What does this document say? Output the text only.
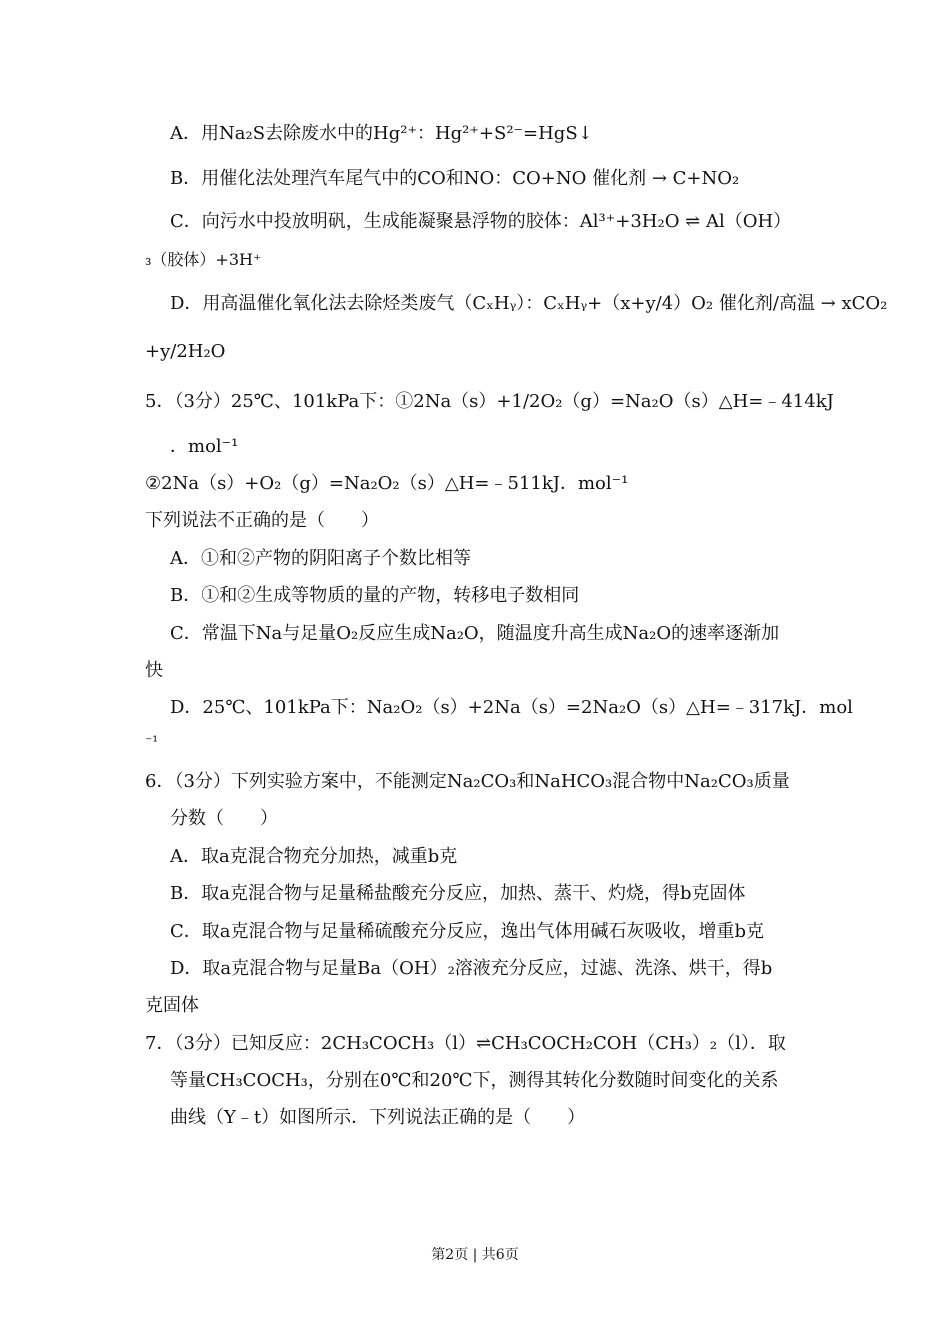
A．用Na₂S去除废水中的Hg²⁺：Hg²⁺+S²⁻=HgS↓
B．用催化法处理汽车尾气中的CO和NO：CO+NO 催化剂 → C+NO₂
C．向污水中投放明矾，生成能凝聚悬浮物的胶体：Al³⁺+3H₂O ⇌ Al（OH）
₃（胶体）+3H⁺
D．用高温催化氧化法去除烃类废气（CₓHᵧ）：CₓHᵧ+（x+y/4）O₂ 催化剂/高温 → xCO₂
+y/2H₂O
5．（3分）25℃、101kPa下：①2Na（s）+1/2O₂（g）=Na₂O（s）△H=﹣414kJ
．mol⁻¹
②2Na（s）+O₂（g）=Na₂O₂（s）△H=﹣511kJ．mol⁻¹
下列说法不正确的是（　　）
A．①和②产物的阴阳离子个数比相等
B．①和②生成等物质的量的产物，转移电子数相同
C．常温下Na与足量O₂反应生成Na₂O，随温度升高生成Na₂O的速率逐渐加
快
D．25℃、101kPa下：Na₂O₂（s）+2Na（s）=2Na₂O（s）△H=﹣317kJ．mol
⁻¹
6．（3分）下列实验方案中，不能测定Na₂CO₃和NaHCO₃混合物中Na₂CO₃质量
分数（　　）
A．取a克混合物充分加热，减重b克
B．取a克混合物与足量稀盐酸充分反应，加热、蒸干、灼烧，得b克固体
C．取a克混合物与足量稀硫酸充分反应，逸出气体用碱石灰吸收，增重b克
D．取a克混合物与足量Ba（OH）₂溶液充分反应，过滤、洗涤、烘干，得b
克固体
7．（3分）已知反应：2CH₃COCH₃（l）⇌CH₃COCH₂COH（CH₃）₂（l）．取
等量CH₃COCH₃，分别在0℃和20℃下，测得其转化分数随时间变化的关系
曲线（Y﹣t）如图所示．下列说法正确的是（　　）
第2页 | 共6页
